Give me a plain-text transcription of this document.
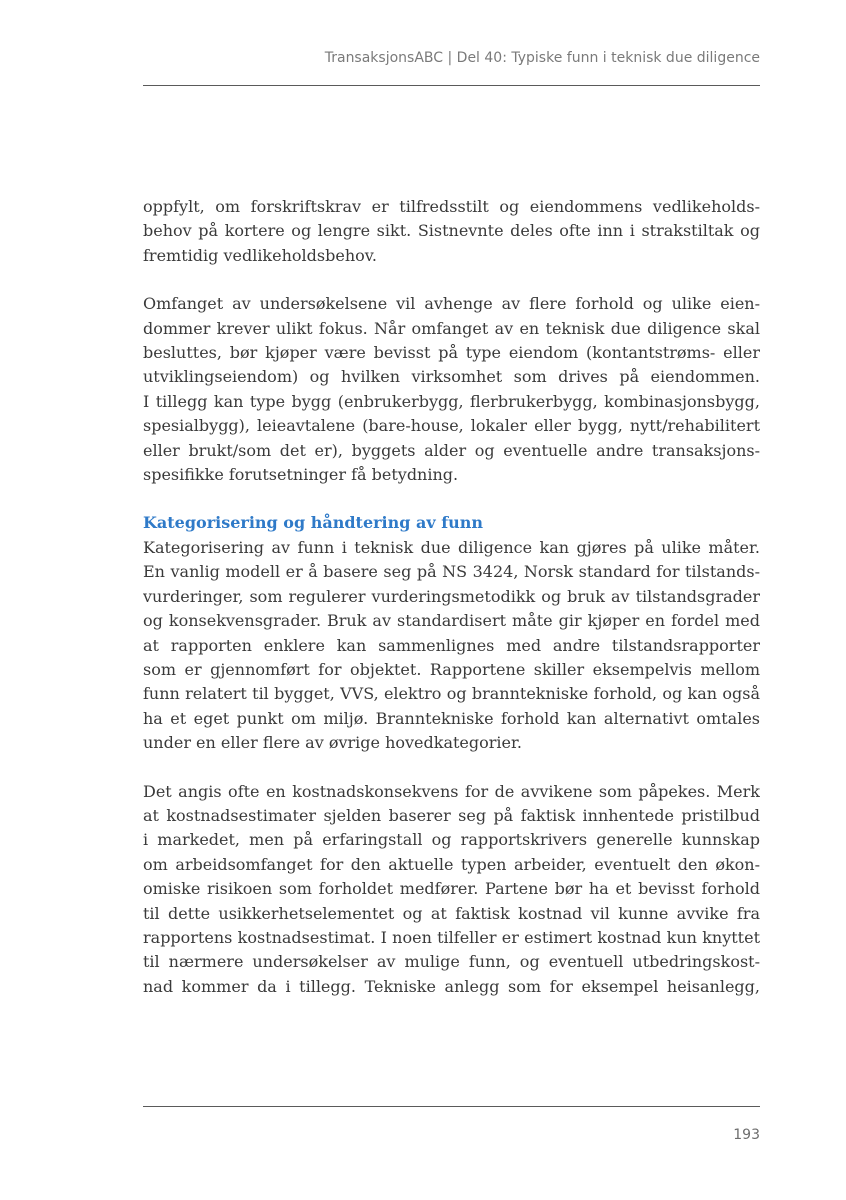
TransaksjonsABC | Del 40: Typiske funn i teknisk due diligence
oppfylt, om forskriftskrav er tilfredsstilt og eiendommens vedlikeholds-
behov på kortere og lengre sikt. Sistnevnte deles ofte inn i strakstiltak og
fremtidig vedlikeholdsbehov.
Omfanget av undersøkelsene vil avhenge av flere forhold og ulike eien-
dommer krever ulikt fokus. Når omfanget av en teknisk due diligence skal
besluttes, bør kjøper være bevisst på type eiendom (kontantstrøms- eller
utviklingseiendom) og hvilken virksomhet som drives på eiendommen.
I tillegg kan type bygg (enbrukerbygg, flerbrukerbygg, kombinasjonsbygg,
spesialbygg), leieavtalene (bare-house, lokaler eller bygg, nytt/rehabilitert
eller brukt/som det er), byggets alder og eventuelle andre transaksjons-
spesifikke forutsetninger få betydning.
Kategorisering og håndtering av funn
Kategorisering av funn i teknisk due diligence kan gjøres på ulike måter.
En vanlig modell er å basere seg på NS 3424, Norsk standard for tilstands-
vurderinger, som regulerer vurderingsmetodikk og bruk av tilstandsgrader
og konsekvensgrader. Bruk av standardisert måte gir kjøper en fordel med
at rapporten enklere kan sammenlignes med andre tilstandsrapporter
som er gjennomført for objektet. Rapportene skiller eksempelvis mellom
funn relatert til bygget, VVS, elektro og branntekniske forhold, og kan også
ha et eget punkt om miljø. Branntekniske forhold kan alternativt omtales
under en eller flere av øvrige hovedkategorier.
Det angis ofte en kostnadskonsekvens for de avvikene som påpekes. Merk
at kostnadsestimater sjelden baserer seg på faktisk innhentede pristilbud
i markedet, men på erfaringstall og rapportskrivers generelle kunnskap
om arbeidsomfanget for den aktuelle typen arbeider, eventuelt den økon-
omiske risikoen som forholdet medfører. Partene bør ha et bevisst forhold
til dette usikkerhetselementet og at faktisk kostnad vil kunne avvike fra
rapportens kostnadsestimat. I noen tilfeller er estimert kostnad kun knyttet
til nærmere undersøkelser av mulige funn, og eventuell utbedringskost-
nad kommer da i tillegg. Tekniske anlegg som for eksempel heisanlegg,
193
